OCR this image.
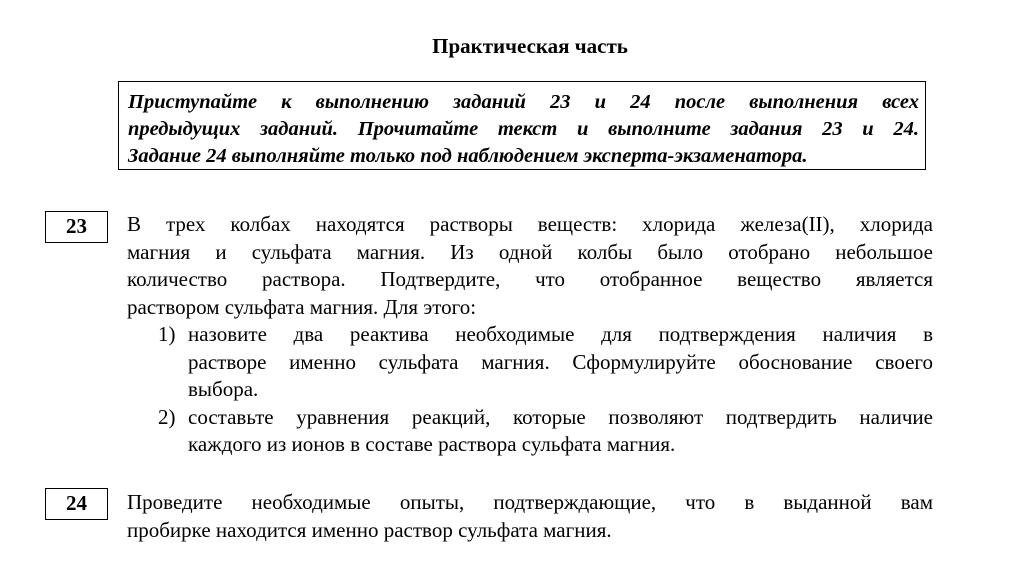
Практическая часть
Приступайте к выполнению заданий 23 и 24 после выполнения всех
предыдущих заданий. Прочитайте текст и выполните задания 23 и 24.
Задание 24 выполняйте только под наблюдением эксперта-экзаменатора.
23	В трех колбах находятся растворы веществ: хлорида железа(II), хлорида
магния и сульфата магния. Из одной колбы было отобрано небольшое
количество раствора. Подтвердите, что отобранное вещество является
раствором сульфата магния. Для этого:
1) назовите два реактива необходимые для подтверждения наличия в
растворе именно сульфата магния. Сформулируйте обоснование своего
выбора.
2) составьте уравнения реакций, которые позволяют подтвердить наличие
каждого из ионов в составе раствора сульфата магния.
24	Проведите необходимые опыты, подтверждающие, что в выданной вам
пробирке находится именно раствор сульфата магния.
